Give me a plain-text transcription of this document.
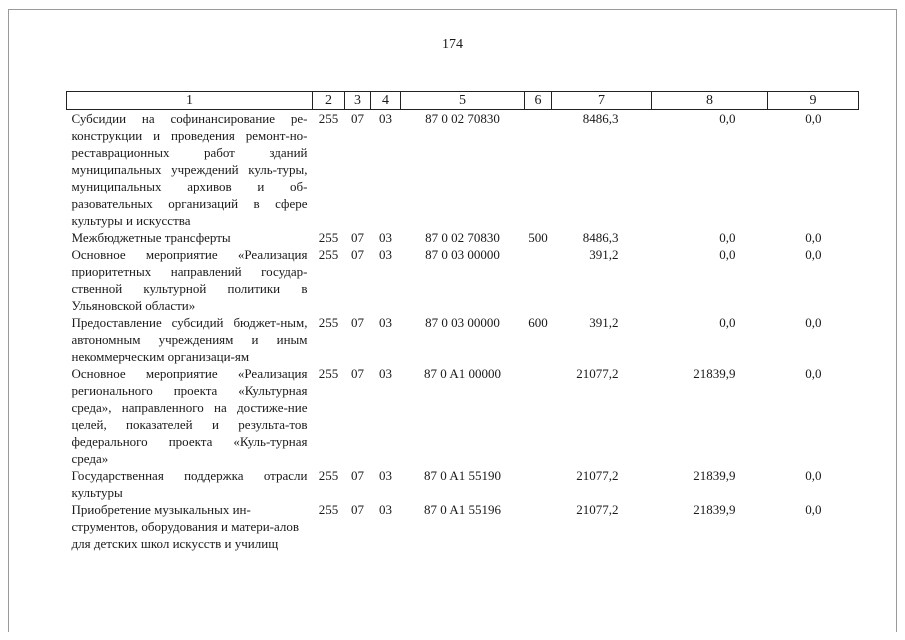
174
1	2	3	4	5	6	7	8	9
Субсидии на софинансирование ре-конструкции и проведения ремонт-но-реставрационных работ зданий муниципальных учреждений куль-туры, муниципальных архивов и об-разовательных организаций в сфере культуры и искусства	255	07	03	87 0 02 70830		8486,3	0,0	0,0
Межбюджетные трансферты	255	07	03	87 0 02 70830	500	8486,3	0,0	0,0
Основное мероприятие «Реализация приоритетных направлений государ-ственной культурной политики в Ульяновской области»	255	07	03	87 0 03 00000		391,2	0,0	0,0
Предоставление субсидий бюджет-ным, автономным учреждениям и иным некоммерческим организаци-ям	255	07	03	87 0 03 00000	600	391,2	0,0	0,0
Основное мероприятие «Реализация регионального проекта «Культурная среда», направленного на достиже-ние целей, показателей и результа-тов федерального проекта «Куль-турная среда»	255	07	03	87 0 A1 00000		21077,2	21839,9	0,0
Государственная поддержка отрасли культуры	255	07	03	87 0 A1 55190		21077,2	21839,9	0,0
Приобретение музыкальных ин-струментов, оборудования и матери-алов для детских школ искусств и училищ	255	07	03	87 0 A1 55196		21077,2	21839,9	0,0
